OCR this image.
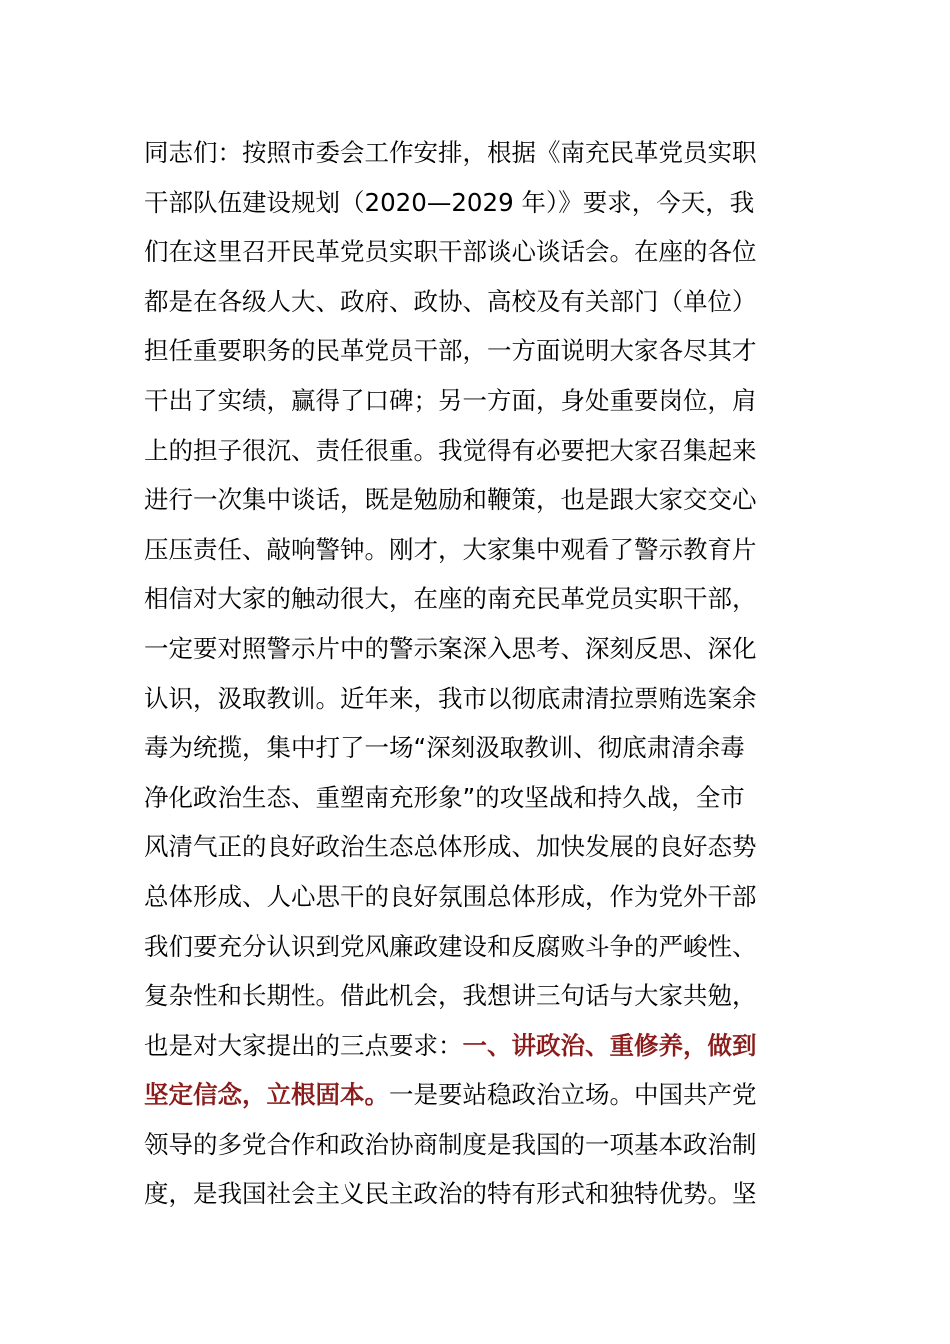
同志们：按照市委会工作安排，根据《南充民革党员实职
干部队伍建设规划（2020—2029 年）》要求，今天，我
们在这里召开民革党员实职干部谈心谈话会。在座的各位
都是在各级人大、政府、政协、高校及有关部门（单位）
担任重要职务的民革党员干部，一方面说明大家各尽其才
干出了实绩，赢得了口碑；另一方面，身处重要岗位，肩
上的担子很沉、责任很重。我觉得有必要把大家召集起来
进行一次集中谈话，既是勉励和鞭策，也是跟大家交交心
压压责任、敲响警钟。刚才，大家集中观看了警示教育片
相信对大家的触动很大，在座的南充民革党员实职干部，
一定要对照警示片中的警示案深入思考、深刻反思、深化
认识，汲取教训。近年来，我市以彻底肃清拉票贿选案余
毒为统揽，集中打了一场“深刻汲取教训、彻底肃清余毒
净化政治生态、重塑南充形象”的攻坚战和持久战，全市
风清气正的良好政治生态总体形成、加快发展的良好态势
总体形成、人心思干的良好氛围总体形成，作为党外干部
我们要充分认识到党风廉政建设和反腐败斗争的严峻性、
复杂性和长期性。借此机会，我想讲三句话与大家共勉，
也是对大家提出的三点要求：一、讲政治、重修养，做到
坚定信念，立根固本。一是要站稳政治立场。中国共产党
领导的多党合作和政治协商制度是我国的一项基本政治制
度，是我国社会主义民主政治的特有形式和独特优势。坚
